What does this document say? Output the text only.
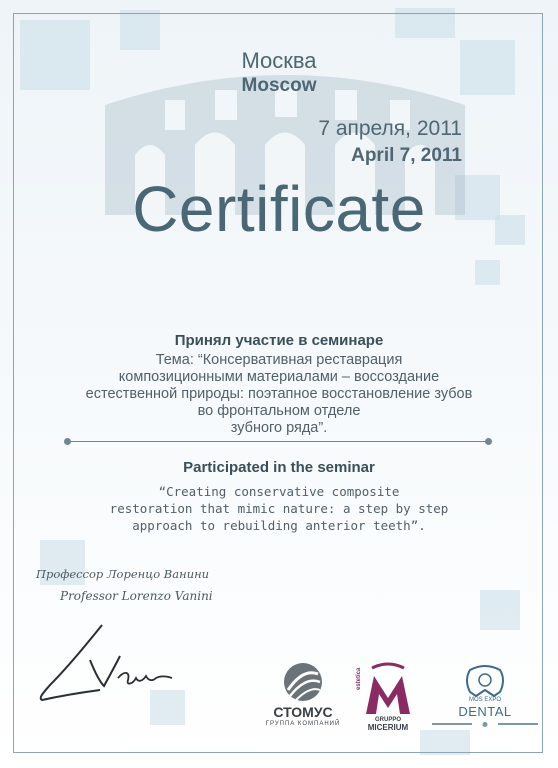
Москва
Moscow
7 апреля, 2011
April 7, 2011
Certificate
Принял участие в семинаре
Тема: “Консервативная реставрация
композиционными материалами – воссоздание
естественной природы: поэтапное восстановление зубов
во фронтальном отделе
зубного ряда”.
Participated in the seminar
“Creating conservative composite
restoration that mimic nature: a step by step
approach to rebuilding anterior teeth”.
Профессор Лоренцо Ванини
Professor Lorenzo Vanini
СТОМУС
ГРУППА КОМПАНИЙ
estetica
GRUPPO
MICERIUM
MOS EXPO
DENTAL
